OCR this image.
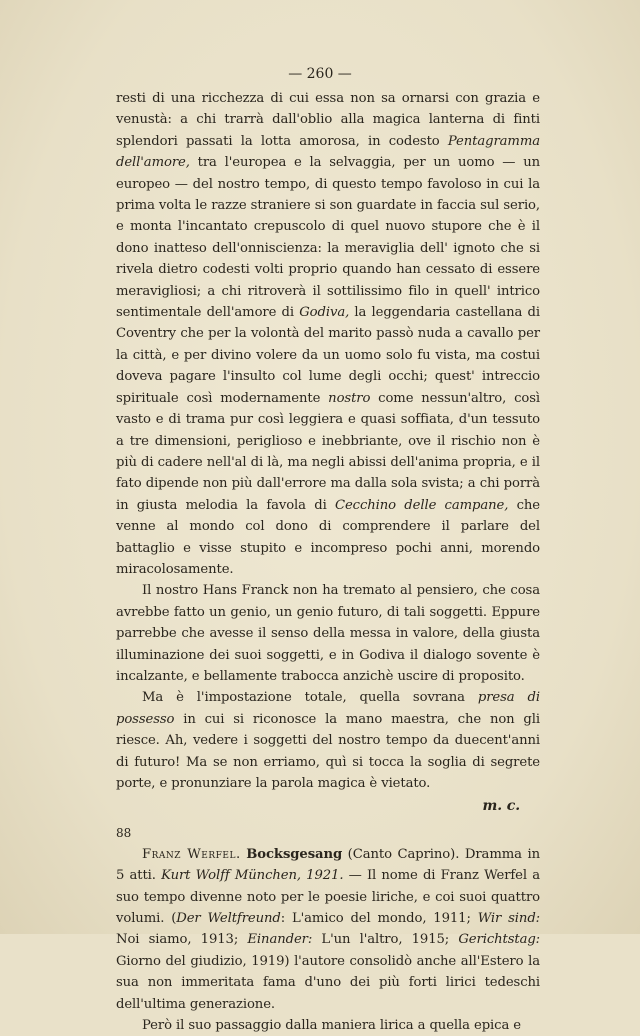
— 260 —

resti di una ricchezza di cui essa non sa ornarsi con grazia e venustà: a chi trarrà dall'oblio alla magica lanterna di finti splendori passati la lotta amorosa, in codesto Pentagramma dell'amore, tra l'europea e la selvaggia, per un uomo — un europeo — del nostro tempo, di questo tempo favoloso in cui la prima volta le razze straniere si son guardate in faccia sul serio, e monta l'incantato crepuscolo di quel nuovo stupore che è il dono inatteso dell'onniscienza: la meraviglia dell' ignoto che si rivela dietro codesti volti proprio quando han cessato di essere meravigliosi; a chi ritroverà il sottilissimo filo in quell' intrico sentimentale dell'amore di Godiva, la leggendaria castellana di Coventry che per la volontà del marito passò nuda a cavallo per la città, e per divino volere da un uomo solo fu vista, ma costui doveva pagare l'insulto col lume degli occhi; quest' intreccio spirituale così modernamente nostro come nessun'altro, così vasto e di trama pur così leggiera e quasi soffiata, d'un tessuto a tre dimensioni, periglioso e inebbriante, ove il rischio non è più di cadere nell'al di là, ma negli abissi dell'anima propria, e il fato dipende non più dall'errore ma dalla sola svista; a chi porrà in giusta melodia la favola di Cecchino delle campane, che venne al mondo col dono di comprendere il parlare del battaglio e visse stupito e incompreso pochi anni, morendo miracolosamente.

Il nostro Hans Franck non ha tremato al pensiero, che cosa avrebbe fatto un genio, un genio futuro, di tali soggetti. Eppure parrebbe che avesse il senso della messa in valore, della giusta illuminazione dei suoi soggetti, e in Godiva il dialogo sovente è incalzante, e bellamente trabocca anzichè uscire di proposito.

Ma è l'impostazione totale, quella sovrana presa di possesso in cui si riconosce la mano maestra, che non gli riesce. Ah, vedere i soggetti del nostro tempo da duecent'anni di futuro! Ma se non erriamo, quì si tocca la soglia di segrete porte, e pronunziare la parola magica è vietato.

m. c.

Franz Werfel. Bocksgesang (Canto Caprino). Dramma in 5 atti. Kurt Wolff München, 1921. — Il nome di Franz Werfel a suo tempo divenne noto per le poesie liriche, e coi suoi quattro volumi. (Der Weltfreund: L'amico del mondo, 1911; Wir sind: Noi siamo, 1913; Einander: L'un l'altro, 1915; Gerichtstag: Giorno del giudizio, 1919) l'autore consolidò anche all'Estero la sua non immeritata fama d'uno dei più forti lirici tedeschi dell'ultima generazione.

Però il suo passaggio dalla maniera lirica a quella epica e

88
